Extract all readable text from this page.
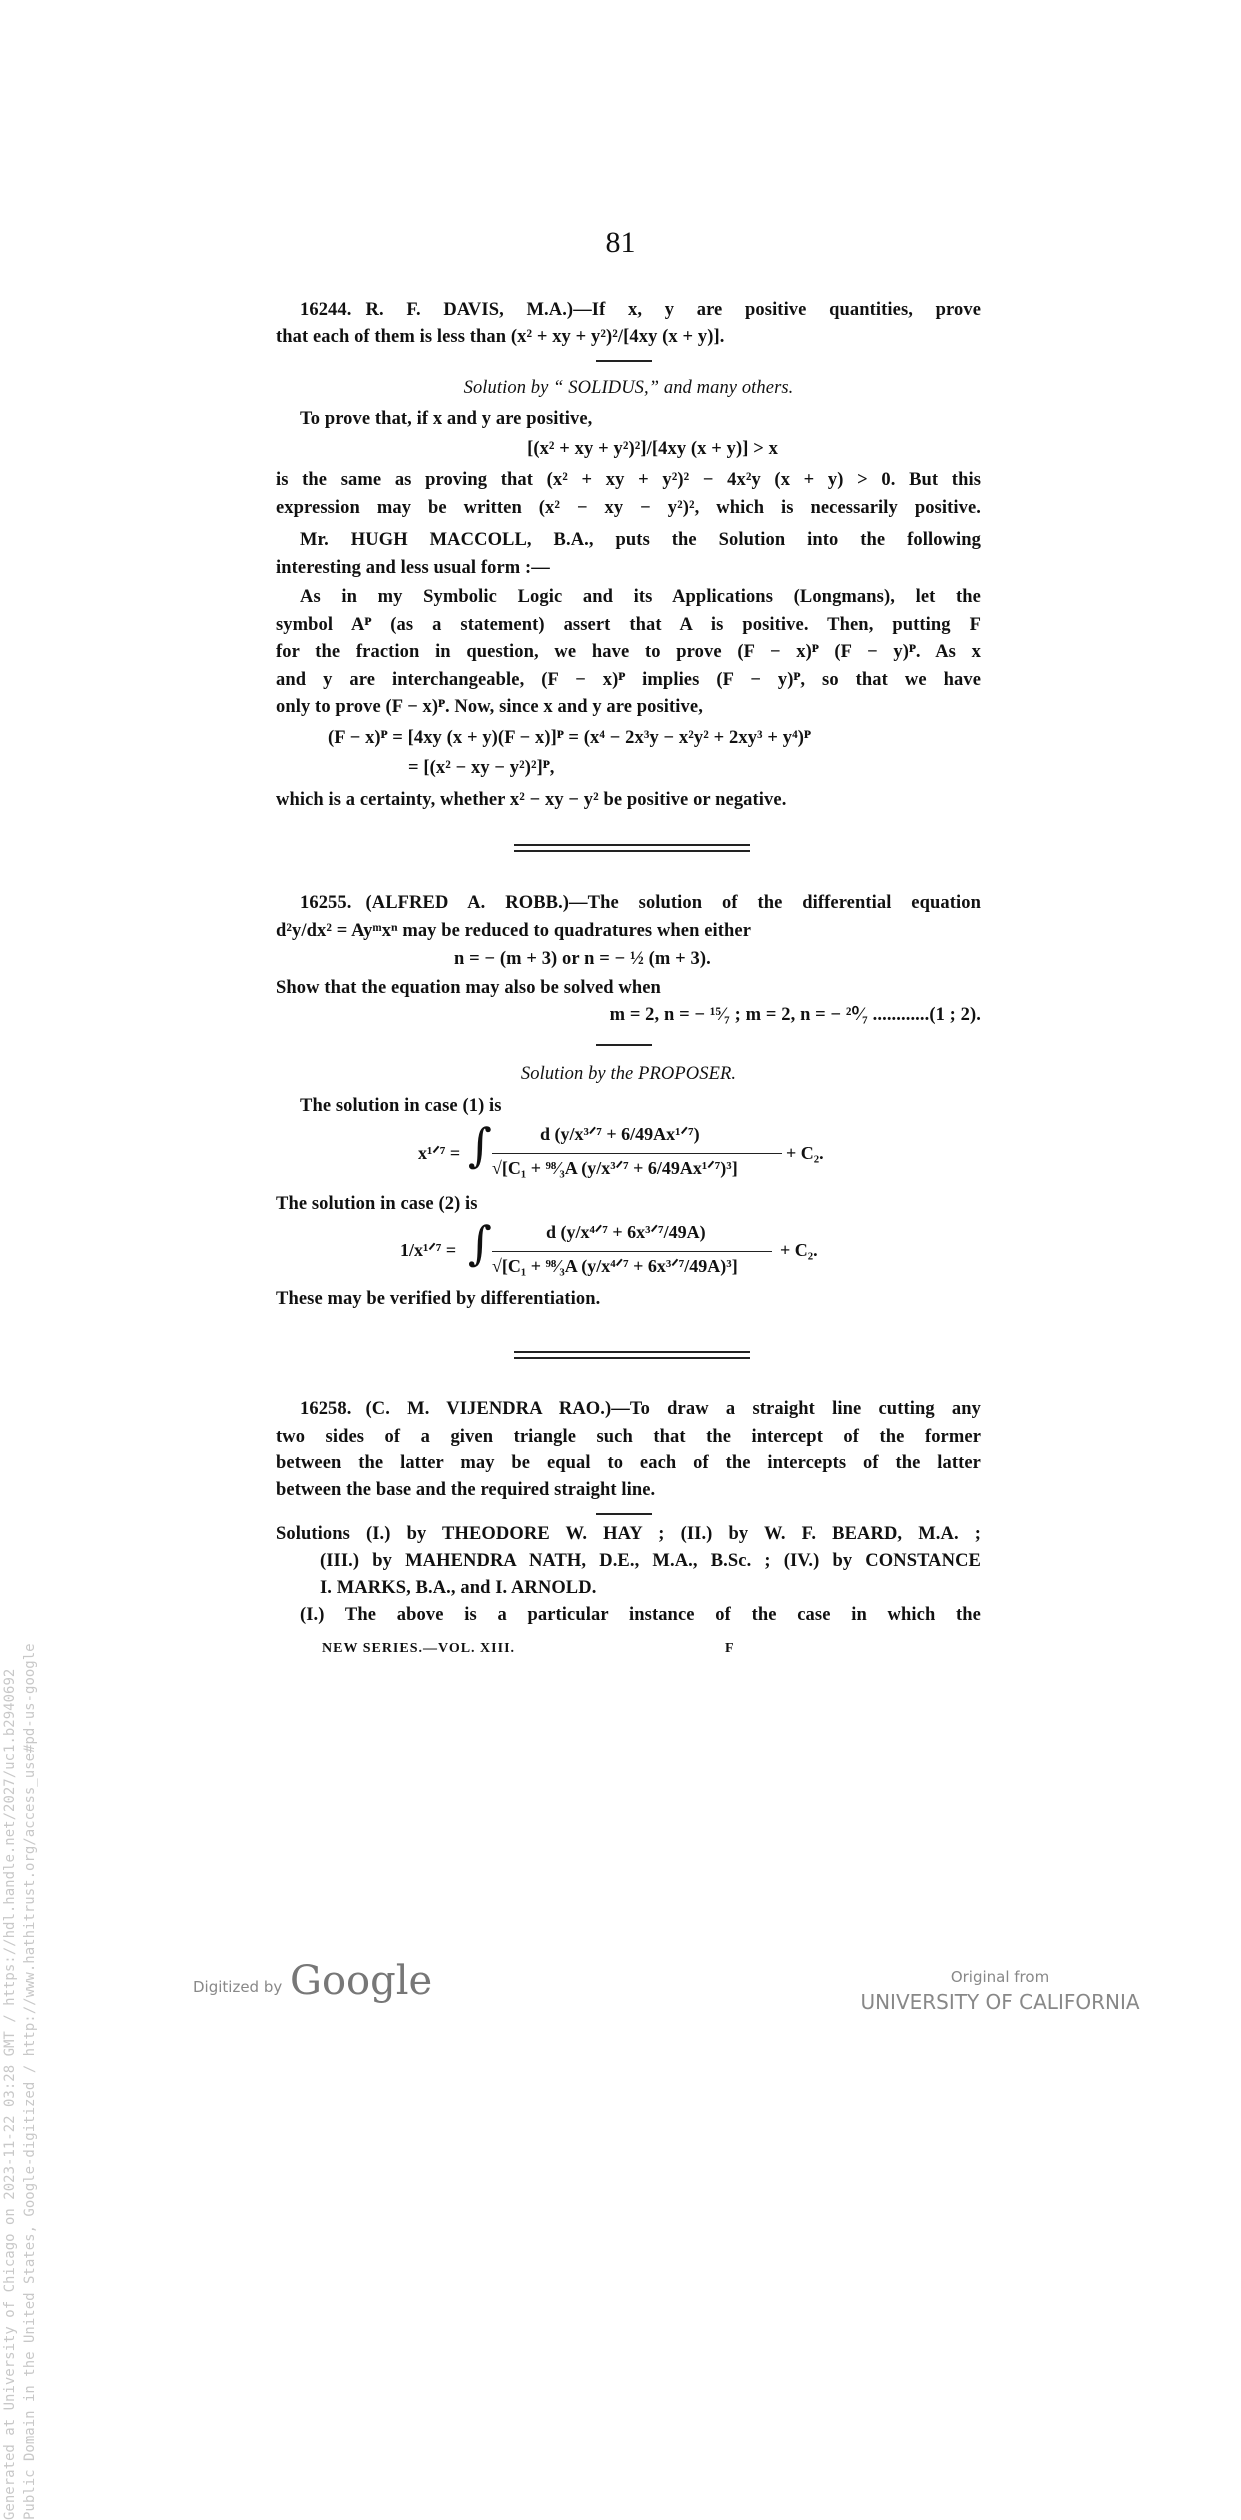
81
16244. R. F. DAVIS, M.A.)—If x, y are positive quantities, prove
that each of them is less than (x² + xy + y²)²/[4xy (x + y)].
Solution by “ SOLIDUS,” and many others.
To prove that, if x and y are positive,
[(x² + xy + y²)²]/[4xy (x + y)] > x
is the same as proving that (x² + xy + y²)² − 4x²y (x + y) > 0. But this
expression may be written (x² − xy − y²)², which is necessarily positive.
Mr. HUGH MACCOLL, B.A., puts the Solution into the following
interesting and less usual form :—
As in my Symbolic Logic and its Applications (Longmans), let the
symbol Aᴾ (as a statement) assert that A is positive. Then, putting F
for the fraction in question, we have to prove (F − x)ᴾ (F − y)ᴾ. As x
and y are interchangeable, (F − x)ᴾ implies (F − y)ᴾ, so that we have
only to prove (F − x)ᴾ. Now, since x and y are positive,
(F − x)ᴾ = [4xy (x + y)(F − x)]ᴾ = (x⁴ − 2x³y − x²y² + 2xy³ + y⁴)ᴾ
= [(x² − xy − y²)²]ᴾ,
which is a certainty, whether x² − xy − y² be positive or negative.
16255. (ALFRED A. ROBB.)—The solution of the differential equation
d²y/dx² = Ayᵐxⁿ may be reduced to quadratures when either
n = − (m + 3) or n = − ½ (m + 3).
Show that the equation may also be solved when
m = 2, n = − ¹⁵⁄₇ ; m = 2, n = − ²⁰⁄₇ ............(1 ; 2).
Solution by the PROPOSER.
The solution in case (1) is
x¹ᐟ⁷ = ∫	d (y/x³ᐟ⁷ + 6/49Ax¹ᐟ⁷)
√[C₁ + ⁹⁸⁄₃A (y/x³ᐟ⁷ + 6/49Ax¹ᐟ⁷)³]
+ C₂.
The solution in case (2) is
1/x¹ᐟ⁷ = ∫	d (y/x⁴ᐟ⁷ + 6x³ᐟ⁷/49A)
√[C₁ + ⁹⁸⁄₃A (y/x⁴ᐟ⁷ + 6x³ᐟ⁷/49A)³]
+ C₂.
These may be verified by differentiation.
16258. (C. M. VIJENDRA RAO.)—To draw a straight line cutting any
two sides of a given triangle such that the intercept of the former
between the latter may be equal to each of the intercepts of the latter
between the base and the required straight line.
Solutions (I.) by THEODORE W. HAY ; (II.) by W. F. BEARD, M.A. ;
(III.) by MAHENDRA NATH, D.E., M.A., B.Sc. ; (IV.) by CONSTANCE
I. MARKS, B.A., and I. ARNOLD.
(I.) The above is a particular instance of the case in which the
NEW SERIES.—VOL. XIII.	F
Generated at University of Chicago on 2023-11-22 03:28 GMT / https://hdl.handle.net/2027/uc1.b2940692 Public Domain in the United States, Google-digitized / http://www.hathitrust.org/access_use#pd-us-google	Digitized by Google	Original from
UNIVERSITY OF CALIFORNIA
